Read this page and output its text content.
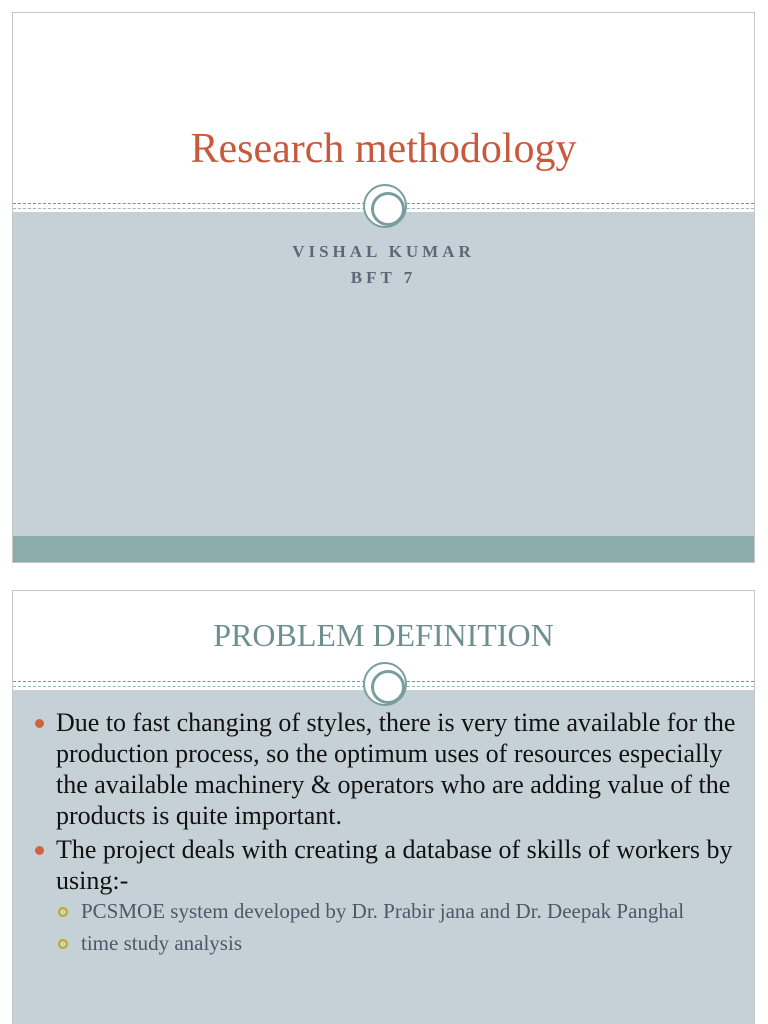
Research methodology
VISHAL KUMAR
BFT 7
PROBLEM DEFINITION
Due to fast changing of styles, there is very time available for the production process, so the optimum uses of resources especially the available machinery & operators who are adding value of the products is quite important.
The project deals with creating a database of skills of workers by using:-
PCSMOE system developed by Dr. Prabir jana and Dr. Deepak Panghal
time study analysis
